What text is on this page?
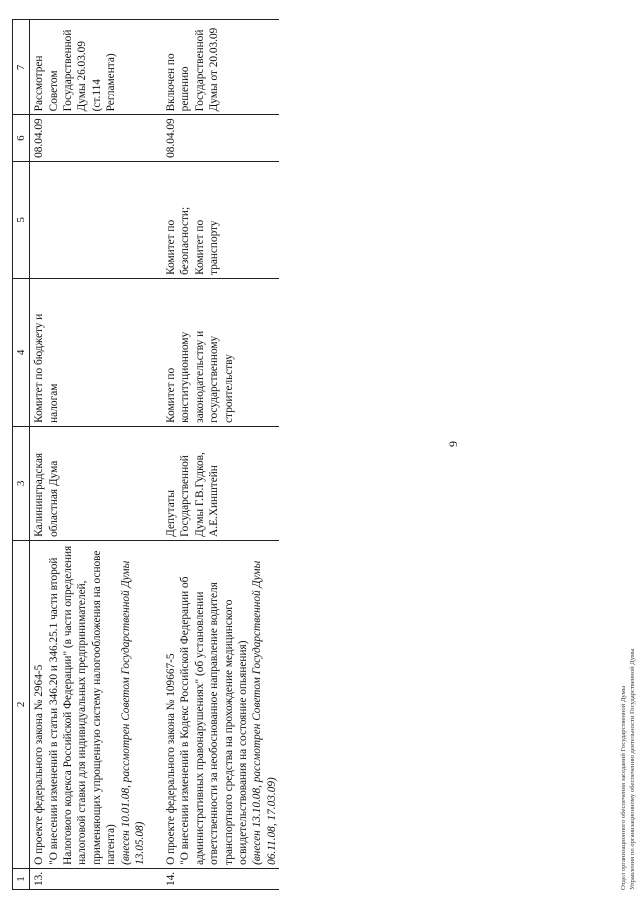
9
1	2	3	4	5	6	7
13.	О проекте федерального закона № 2964-5 "О внесении изменений в статьи 346.20 и 346.25.1 части второй Налогового кодекса Российской Федерации" (в части определения налоговой ставки для индивидуальных предпринимателей, применяющих упрощенную систему налогообложения на основе патента) (внесен 10.01.08, рассмотрен Советом Государственной Думы 13.05.08)	Калининградская областная Дума	Комитет по бюджету и налогам		08.04.09	Рассмотрен Советом Государственной Думы 26.03.09 (ст.114 Регламента)
14.	О проекте федерального закона № 109667-5 "О внесении изменений в Кодекс Российской Федерации об административных правонарушениях" (об установлении ответственности за необоснованное направление водителя транспортного средства на прохождение медицинского освидетельствования на состояние опьянения) (внесен 13.10.08, рассмотрен Советом Государственной Думы 06.11.08, 17.03.09)	Депутаты Государственной Думы Г.В.Гудков, А.Е.Хинштейн	Комитет по конституционному законодательству и государственному строительству	Комитет по безопасности; Комитет по транспорту	08.04.09	Включен по решению Государственной Думы от 20.03.09
Отдел организационного обеспечения заседаний Государственной Думы Управления по организационному обеспечению деятельности Государственной Думы
